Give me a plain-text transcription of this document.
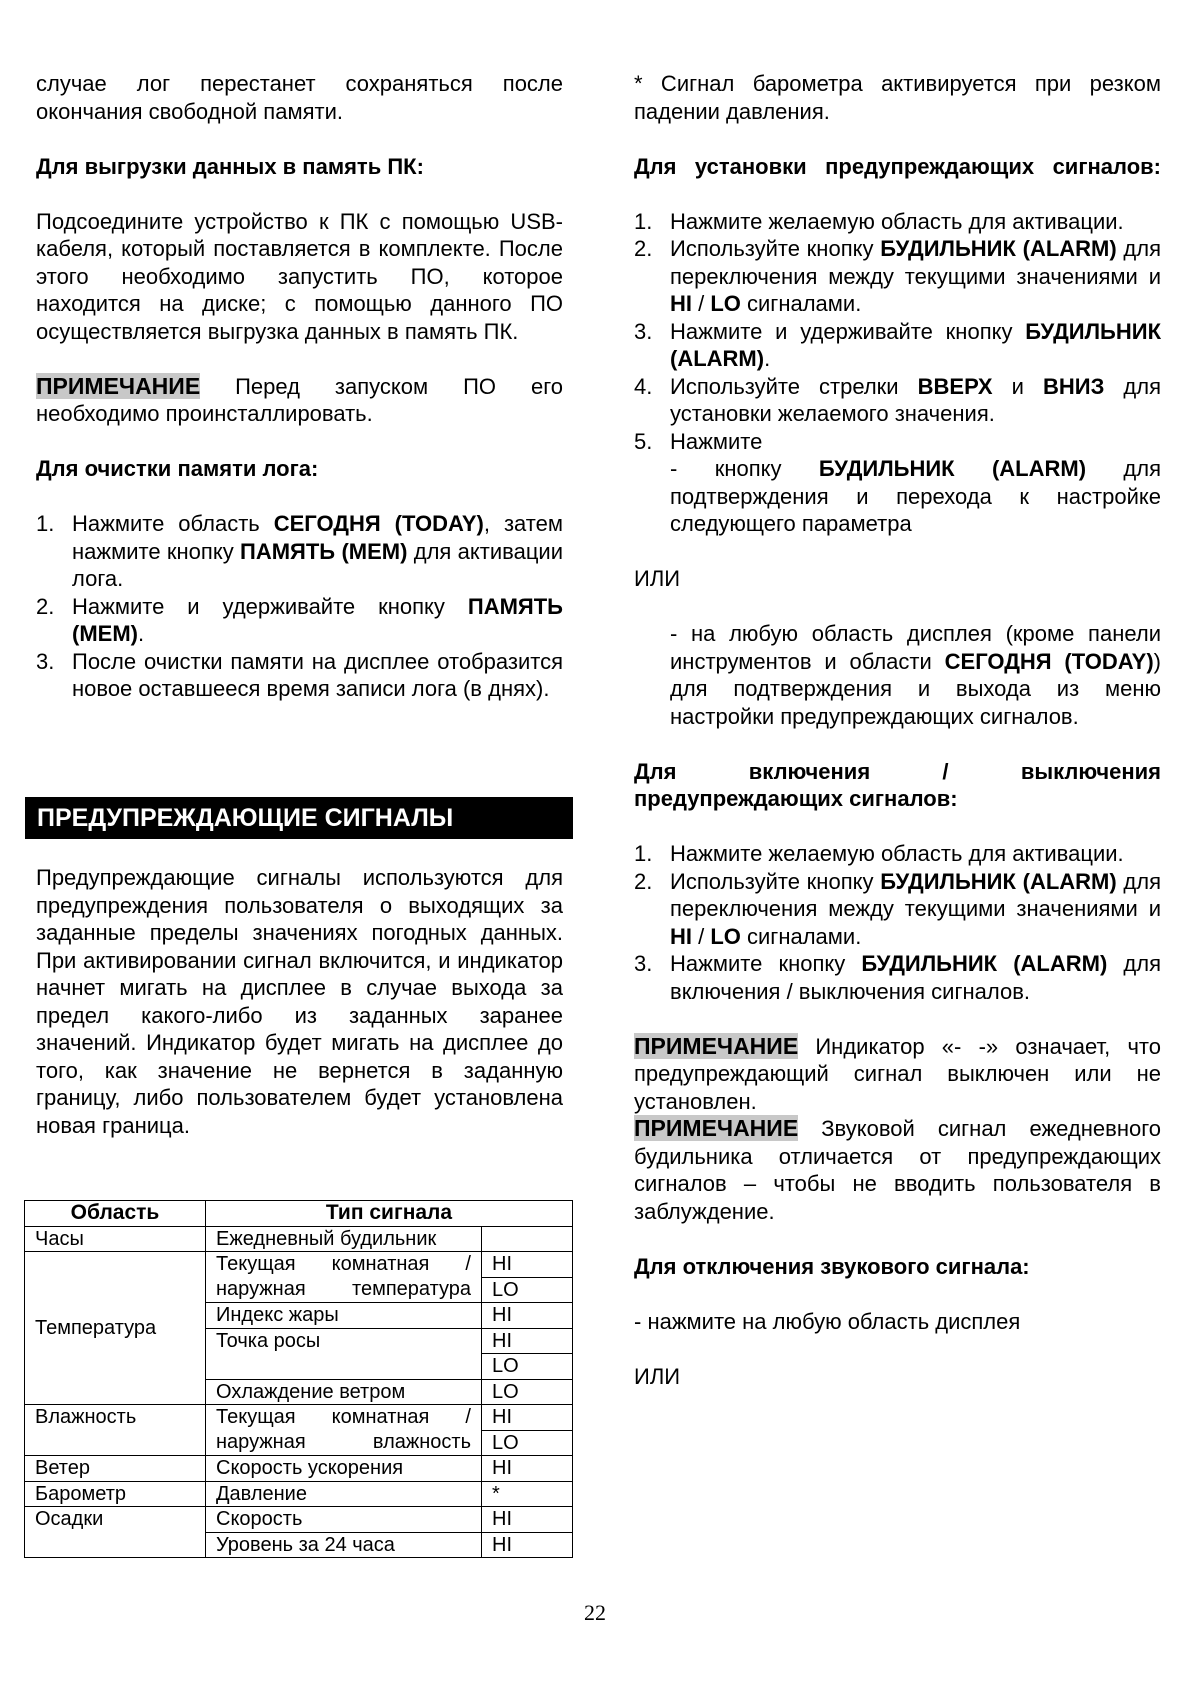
случае лог перестанет сохраняться после окончания свободной памяти.

Для выгрузки данных в память ПК:

Подсоедините устройство к ПК с помощью USB-кабеля, который поставляется в комплекте. После этого необходимо запустить ПО, которое находится на диске; с помощью данного ПО осуществляется выгрузка данных в память ПК.

ПРИМЕЧАНИЕ Перед запуском ПО его необходимо проинсталлировать.

Для очистки памяти лога:

1. Нажмите область СЕГОДНЯ (TODAY), затем нажмите кнопку ПАМЯТЬ (MEM) для активации лога.
2. Нажмите и удерживайте кнопку ПАМЯТЬ (MEM).
3. После очистки памяти на дисплее отобразится новое оставшееся время записи лога (в днях).
ПРЕДУПРЕЖДАЮЩИЕ СИГНАЛЫ

Предупреждающие сигналы используются для предупреждения пользователя о выходящих за заданные пределы значениях погодных данных. При активировании сигнал включится, и индикатор начнет мигать на дисплее в случае выхода за предел какого-либо из заданных заранее значений. Индикатор будет мигать на дисплее до того, как значение не вернется в заданную границу, либо пользователем будет установлена новая граница.

Область	Тип сигнала	
Часы	Ежедневный будильник	
Температура	Текущая комнатная / наружная температура	HI
		LO
	Индекс жары	HI
	Точка росы	HI
		LO
	Охлаждение ветром	LO
Влажность	Текущая комнатная / наружная влажность	HI
		LO
Ветер	Скорость ускорения	HI
Барометр	Давление	*
Осадки	Скорость	HI
	Уровень за 24 часа	HI

* Сигнал барометра активируется при резком падении давления.

Для установки предупреждающих сигналов:

1. Нажмите желаемую область для активации.
2. Используйте кнопку БУДИЛЬНИК (ALARM) для переключения между текущими значениями и HI / LO сигналами.
3. Нажмите и удерживайте кнопку БУДИЛЬНИК (ALARM).
4. Используйте стрелки ВВЕРХ и ВНИЗ для установки желаемого значения.
5. Нажмите
- кнопку БУДИЛЬНИК (ALARM) для подтверждения и перехода к настройке следующего параметра

ИЛИ

- на любую область дисплея (кроме панели инструментов и области СЕГОДНЯ (TODAY)) для подтверждения и выхода из меню настройки предупреждающих сигналов.

Для включения / выключения предупреждающих сигналов:

1. Нажмите желаемую область для активации.
2. Используйте кнопку БУДИЛЬНИК (ALARM) для переключения между текущими значениями и HI / LO сигналами.
3. Нажмите кнопку БУДИЛЬНИК (ALARM) для включения / выключения сигналов.

ПРИМЕЧАНИЕ Индикатор «- -» означает, что предупреждающий сигнал выключен или не установлен.

ПРИМЕЧАНИЕ Звуковой сигнал ежедневного будильника отличается от предупреждающих сигналов – чтобы не вводить пользователя в заблуждение.

Для отключения звукового сигнала:

- нажмите на любую область дисплея

ИЛИ

22
